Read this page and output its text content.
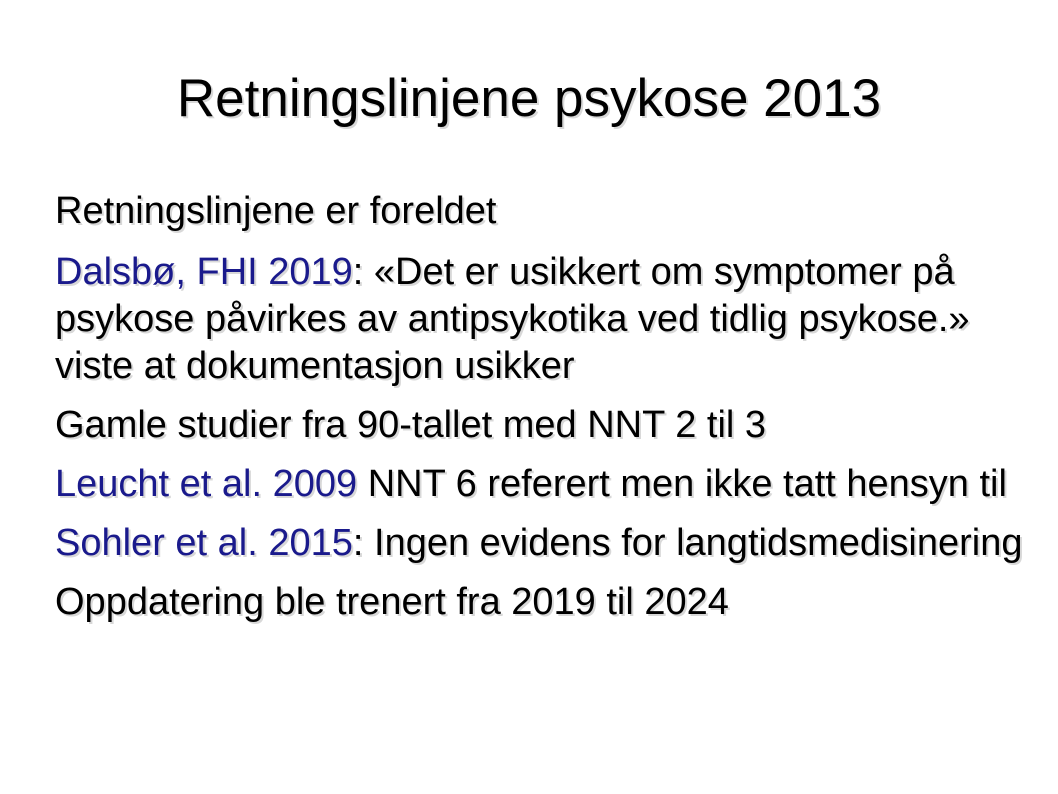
Retningslinjene psykose 2013
Retningslinjene er foreldet
Dalsbø, FHI 2019: «Det er usikkert om symptomer på psykose påvirkes av antipsykotika ved tidlig psykose.» viste at dokumentasjon usikker
Gamle studier fra 90-tallet med NNT 2 til 3
Leucht et al. 2009 NNT 6 referert men ikke tatt hensyn til
Sohler et al. 2015: Ingen evidens for langtidsmedisinering
Oppdatering ble trenert fra 2019 til 2024
